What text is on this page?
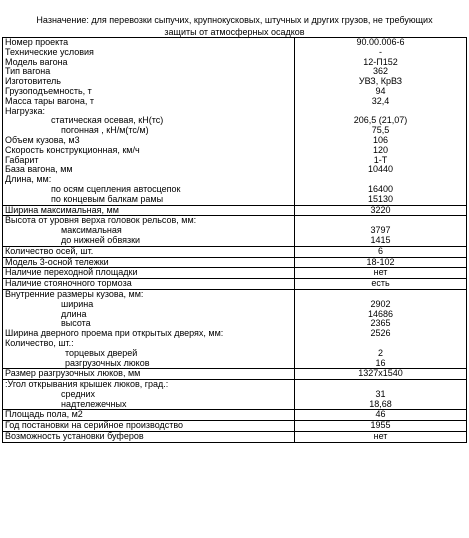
Назначение: для перевозки сыпучих, крупнокусковых, штучных и других грузов, не требующих
защиты от атмосферных осадков
Номер проекта	90.00.006-6
Технические условия	-
Модель вагона	12-П152
Тип вагона	362
Изготовитель	УВЗ, КрВЗ
Грузоподъемность, т	94
Масса тары вагона, т	32,4
Нагрузка:	
статическая осевая, кН(тс)	206,5 (21,07)
погонная , кН/м(тс/м)	75,5
Объем кузова, м3	106
Скорость конструкционная, км/ч	120
Габарит	1-Т
База вагона, мм	10440
Длина, мм:	
по осям сцепления автосцепок	16400
по концевым балкам рамы	15130
Ширина максимальная, мм	3220
Высота от уровня верха головок рельсов, мм:	
максимальная	3797
до нижней обвязки	1415
Количество осей, шт.	6
Модель 3-осной тележки	18-102
Наличие переходной площадки	нет
Наличие стояночного тормоза	есть
Внутренние размеры кузова, мм:	
ширина	2902
длина	14686
высота	2365
Ширина дверного проема при открытых дверях, мм:	2526
Количество, шт.:	
торцевых дверей	2
разгрузочных люков	16
Размер разгрузочных люков, мм	1327х1540
:Угол открывания крышек люков, град.:	
средних	31
надтележечных	18,68
Площадь пола, м2	46
Год постановки на серийное производство	1955
Возможность установки буферов	нет
